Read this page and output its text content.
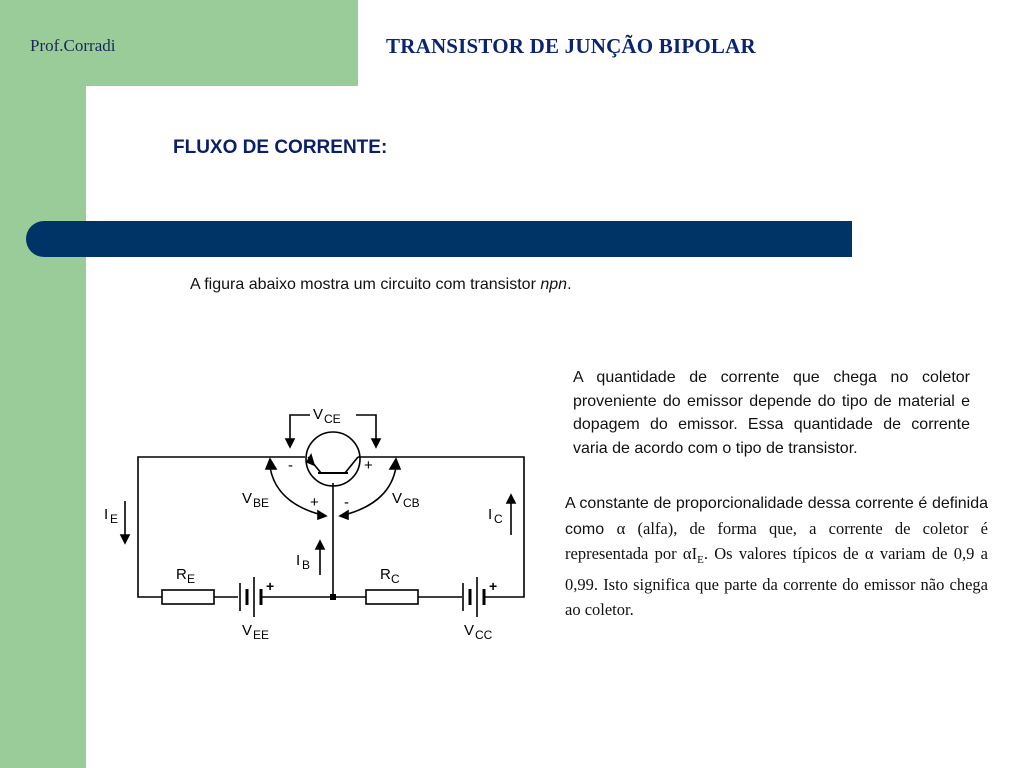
Prof.Corradi	TRANSISTOR DE JUNÇÃO BIPOLAR
FLUXO DE CORRENTE:
A figura abaixo mostra um circuito com transistor npn.
A quantidade de corrente que chega no coletor proveniente do emissor depende do tipo de material e dopagem do emissor. Essa quantidade de corrente varia de acordo com o tipo de transistor.
A constante de proporcionalidade dessa corrente é definida como α (alfa), de forma que, a corrente de coletor é representada por $\alpha I_E$. Os valores típicos de α variam de 0,9 a 0,99. Isto significa que parte da corrente do emissor não chega ao coletor.
V CE
-	+
+ -
V BE	V CB
I E	I C
I B
R E	R C
+	+
V EE	V CC
